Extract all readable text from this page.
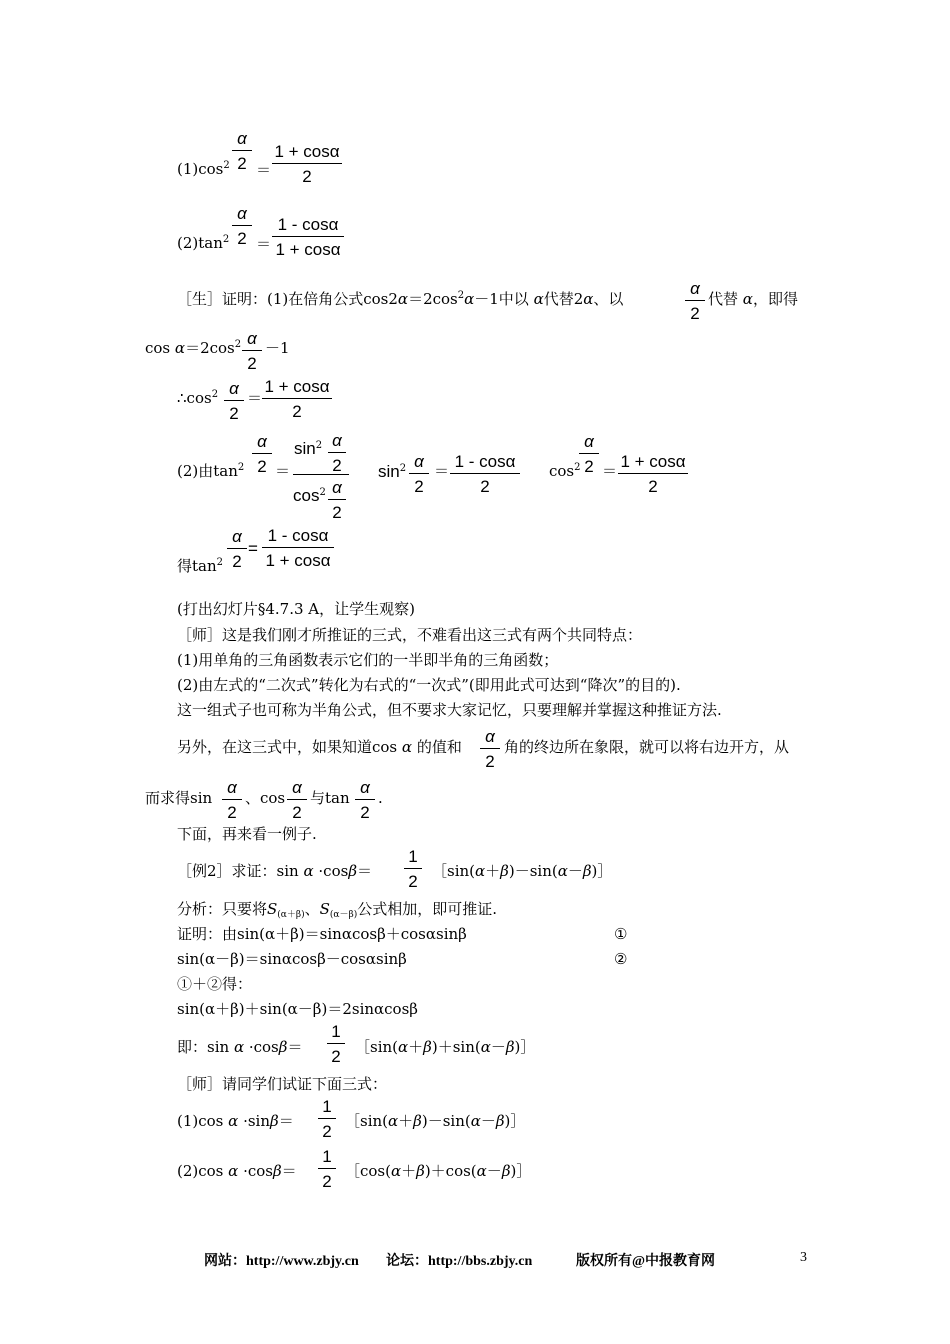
$(1)\cos^2$
α
2 ＝
1 + cosα
2
$(2)\tan^2$
α
2 ＝
1 - cosα
1 + cosα
［生］证明：(1)在倍角公式$\cos 2\alpha=2\cos^2\alpha-1$中以 α代替2α、以
α
2
代替 α，即得
$\cos \alpha=2\cos^2$ α
2
－1
$\therefore\cos^2$ α
2
＝
1 + cosα
2
(2)由$\tan^2$
α
2 ＝
$\sin^2 \alpha$
2
$\cos^2 \alpha$
2
$\sin^2 \alpha$
2
＝ 1 - cosα
2
$\cos^2$
α
2 ＝ 1 + cosα
2
得$\tan^2$
α
2
=
1 - cosα
1 + cosα
(打出幻灯片§4.7.3 A，让学生观察)
［师］这是我们刚才所推证的三式，不难看出这三式有两个共同特点：
(1)用单角的三角函数表示它们的一半即半角的三角函数；
(2)由左式的“二次式”转化为右式的“一次式”(即用此式可达到“降次”的目的).
这一组式子也可称为半角公式，但不要求大家记忆，只要理解并掌握这种推证方法.
另外，在这三式中，如果知道cos α 的值和
α
2
角的终边所在象限，就可以将右边开方，从
而求得sin
α
2
、cos
α
2
与tan
α
2
.
下面，再来看一例子.
［例2］求证：sin α ·cosβ＝
1
2
［sin(α＋β)－sin(α－β)］
分析：只要将$S_{(\alpha+\beta)}$、$S_{(\alpha-\beta)}$公式相加，即可推证.
证明：由sin(α＋β)＝sinαcosβ＋cosαsinβ	①
sin(α－β)＝sinαcosβ－cosαsinβ	②
①＋②得：
sin(α＋β)＋sin(α－β)＝2sinαcosβ
即：sin α ·cosβ＝
1
2 ［sin(α＋β)＋sin(α－β)］
［师］请同学们试证下面三式：
(1)cos α ·sinβ＝
1
2
［sin(α＋β)－sin(α－β)］
(2)cos α ·cosβ＝
1
2
［cos(α＋β)＋cos(α－β)］
网站：http://www.zbjy.cn 论坛：http://bbs.zbjy.cn	版权所有@中报教育网	3
